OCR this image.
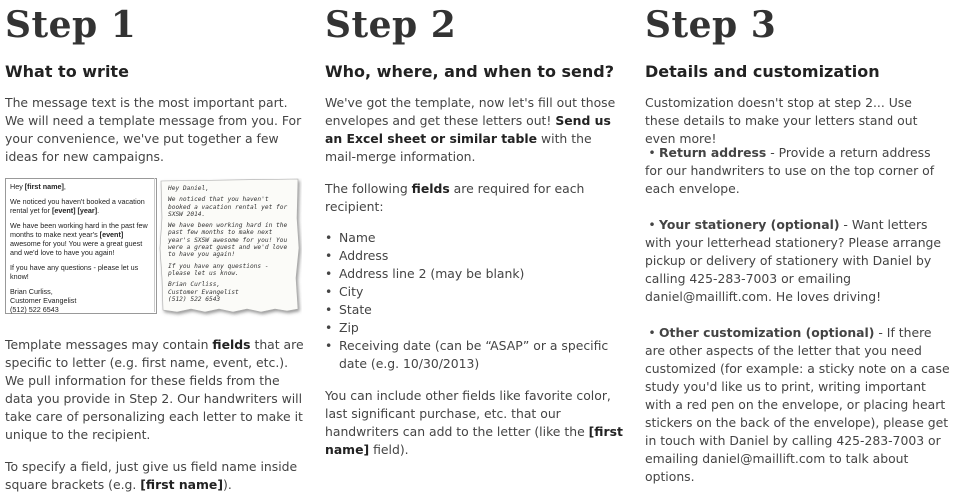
Step 1
What to write

The message text is the most important part. We will need a template message from you. For your convenience, we've put together a few ideas for new campaigns.

Hey [first name],

We noticed you haven't booked a vacation rental yet for [event] [year].

We have been working hard in the past few months to make next year's [event] awesome for you! You were a great guest and we'd love to have you again!

If you have any questions - please let us know!

Brian Curliss,
Customer Evangelist
(512) 522 6543

Hey Daniel,

We noticed that you haven't booked a vacation rental yet for SXSW 2014.

We have been working hard in the past few months to make next year's SXSW awesome for you! You were a great guest and we'd love to have you again!

If you have any questions - please let us know.

Brian Curliss,
Customer Evangelist
(512) 522 6543

Template messages may contain fields that are specific to letter (e.g. first name, event, etc.). We pull information for these fields from the data you provide in Step 2. Our handwriters will take care of personalizing each letter to make it unique to the recipient.

To specify a field, just give us field name inside square brackets (e.g. [first name]).

Step 2
Who, where, and when to send?

We've got the template, now let's fill out those envelopes and get these letters out! Send us an Excel sheet or similar table with the mail-merge information.

The following fields are required for each recipient:

• Name
• Address
• Address line 2 (may be blank)
• City
• State
• Zip
• Receiving date (can be “ASAP” or a specific date (e.g. 10/30/2013)

You can include other fields like favorite color, last significant purchase, etc. that our handwriters can add to the letter (like the [first name] field).

Step 3
Details and customization

Customization doesn't stop at step 2... Use these details to make your letters stand out even more!

• Return address - Provide a return address for our handwriters to use on the top corner of each envelope.

• Your stationery (optional) - Want letters with your letterhead stationery? Please arrange pickup or delivery of stationery with Daniel by calling 425-283-7003 or emailing daniel@maillift.com. He loves driving!

• Other customization (optional) - If there are other aspects of the letter that you need customized (for example: a sticky note on a case study you'd like us to print, writing important with a red pen on the envelope, or placing heart stickers on the back of the envelope), please get in touch with Daniel by calling 425-283-7003 or emailing daniel@maillift.com to talk about options.
